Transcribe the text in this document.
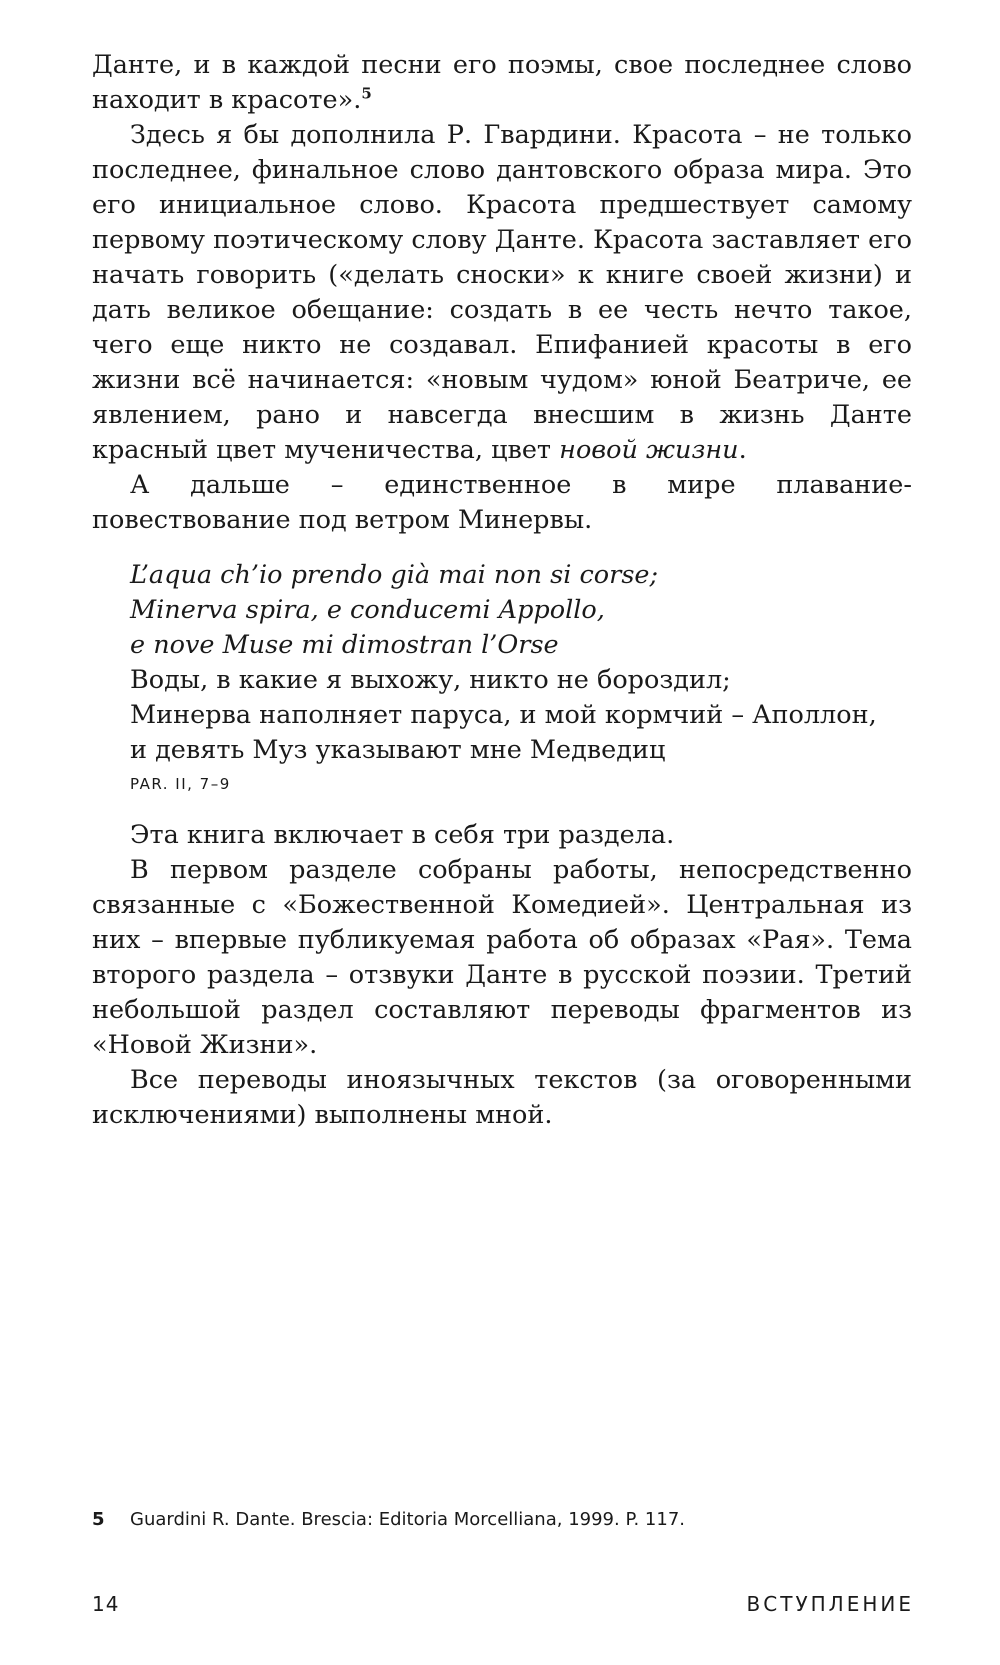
Данте, и в каждой песни его поэмы, свое последнее слово находит в красоте».$^5$

Здесь я бы дополнила Р. Гвардини. Красота – не только последнее, финальное слово дантовского образа мира. Это его инициальное слово. Красота предшествует самому первому поэтическому слову Данте. Красота заставляет его начать говорить («делать сноски» к книге своей жизни) и дать великое обещание: создать в ее честь нечто такое, чего еще никто не создавал. Епифанией красоты в его жизни всё начинается: «новым чудом» юной Беатриче, ее явлением, рано и навсегда внесшим в жизнь Данте красный цвет мученичества, цвет новой жизни.

А дальше – единственное в мире плавание-повествование под ветром Минервы.

L’aqua ch’io prendo già mai non si corse;
Minerva spira, e conducemi Appollo,
e nove Muse mi dimostran l’Orse
Воды, в какие я выхожу, никто не бороздил;
Минерва наполняет паруса, и мой кормчий – Аполлон,
и девять Муз указывают мне Медведиц
PAR. II, 7–9

Эта книга включает в себя три раздела.

В первом разделе собраны работы, непосредственно связанные с «Божественной Комедией». Центральная из них – впервые публикуемая работа об образах «Рая». Тема второго раздела – отзвуки Данте в русской поэзии. Третий небольшой раздел составляют переводы фрагментов из «Новой Жизни».

Все переводы иноязычных текстов (за оговоренными исключениями) выполнены мной.

5 Guardini R. Dante. Brescia: Editoria Morcelliana, 1999. P. 117.
14	ВСТУПЛЕНИЕ
